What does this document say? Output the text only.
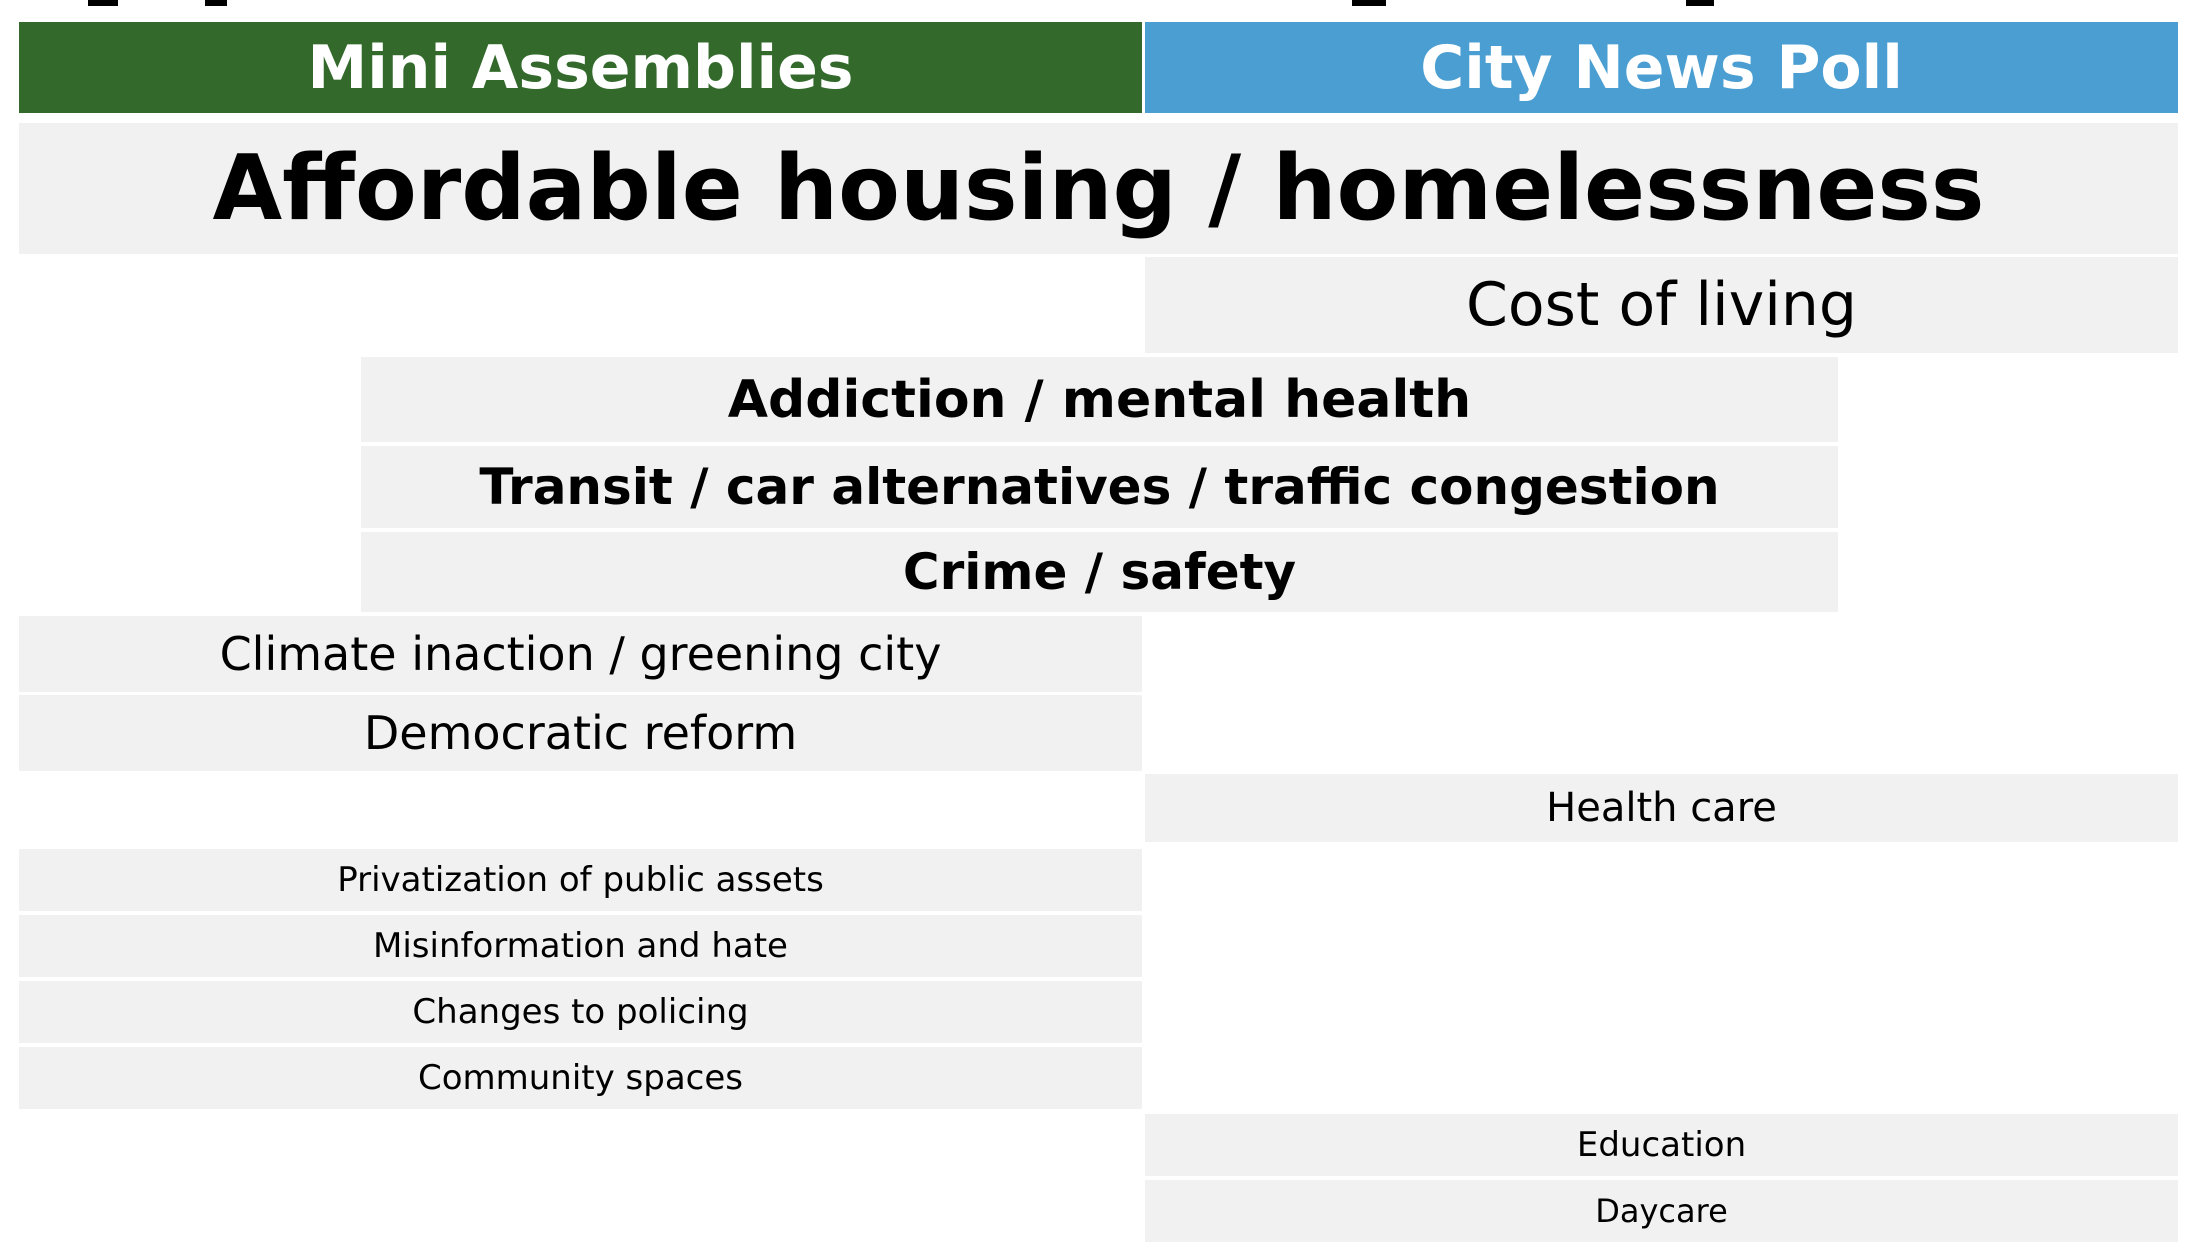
Mini Assemblies	City News Poll
Affordable housing / homelessness
Cost of living
Addiction / mental health
Transit / car alternatives / traffic congestion
Crime / safety
Climate inaction / greening city
Democratic reform
Health care
Privatization of public assets
Misinformation and hate
Changes to policing
Community spaces
Education
Daycare
